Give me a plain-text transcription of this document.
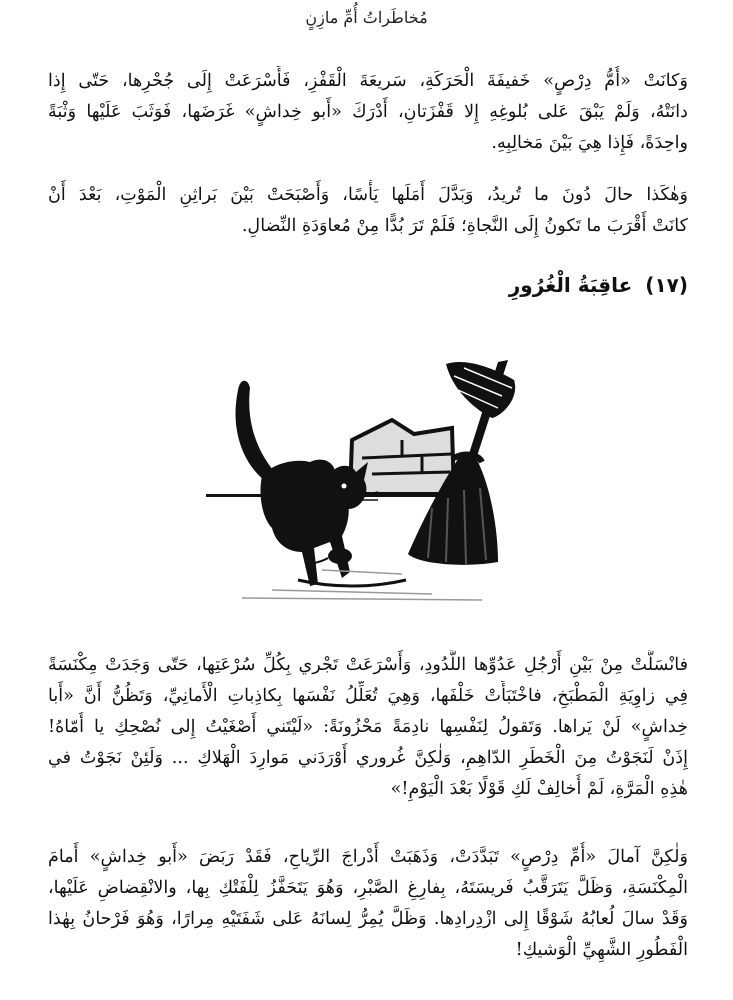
مُخاطَراتُ أُمِّ مازِنٍ
وَكانَتْ «أُمُّ دِرْصٍ» خَفيفَةَ الْحَرَكَةِ، سَريعَةَ الْقَفْزِ، فَأَسْرَعَتْ إِلَى جُحْرِها، حَتّى إِذا
دانَتْهُ، وَلَمْ يَبْقَ عَلى بُلوغِهِ إِلا قَفْزَتانِ، أَدْرَكَ «أَبو خِداشٍ» غَرَضَها، فَوَثَبَ عَلَيْها وَثْبَةً
واحِدَةً، فَإِذا هِيَ بَيْنَ مَخالِبِهِ.
وَهٰكَذا حالَ دُونَ ما تُريدُ، وَبَدَّلَ أَمَلَها يَأْسًا، وَأَصْبَحَتْ بَيْنَ بَراثِنِ الْمَوْتِ، بَعْدَ أَنْ
كانَتْ أَقْرَبَ ما تَكونُ إِلَى النَّجاةِ؛ فَلَمْ تَرَ بُدًّا مِنْ مُعاوَدَةِ النِّضالِ.
(١٧) عاقِبَةُ الْغُرُورِ
فانْسَلَّتْ مِنْ بَيْنِ أَرْجُلِ عَدُوِّها اللَّدُودِ، وَأَسْرَعَتْ تَجْري بِكُلِّ سُرْعَتِها، حَتّى وَجَدَتْ مِكْنَسَةً
فِي زاوِيَةِ الْمَطْبَخِ، فاخْتَبَأَتْ خَلْفَها، وَهِيَ تُعَلِّلُ نَفْسَها بِكاذِباتِ الْأَمانِيِّ، وَتَظُنُّ أَنَّ «أَبا
خِداشٍ» لَنْ يَراها. وَتَقولُ لِنَفْسِها نادِمَةً مَحْزُونَةً: «لَيْتَني أَصْغَيْتُ إِلى نُصْحِكِ يا أُمّاهُ!
إِذَنْ لَنَجَوْتُ مِنَ الْخَطَرِ الدّاهِمِ، وَلٰكِنَّ غُروري أَوْرَدَني مَوارِدَ الْهَلاكِ ... وَلَئِنْ نَجَوْتُ في
هٰذِهِ الْمَرَّةِ، لَمْ أُخالِفْ لَكِ قَوْلًا بَعْدَ الْيَوْمِ!»
وَلٰكِنَّ آمالَ «أُمِّ دِرْصٍ» تَبَدَّدَتْ، وَذَهَبَتْ أَدْراجَ الرِّياحِ، فَقَدْ رَبَضَ «أَبو خِداشٍ» أَمامَ
الْمِكْنَسَةِ، وَظَلَّ يَتَرَقَّبُ فَريسَتَهُ، بِفارِغِ الصَّبْرِ، وَهُوَ يَتَحَفَّزُ لِلْفَتْكِ بِها، والانْقِضاضِ عَلَيْها،
وَقَدْ سالَ لُعابُهُ شَوْقًا إِلى ازْدِرادِها. وَظَلَّ يُمِرُّ لِسانَهُ عَلى شَفَتَيْهِ مِرارًا، وَهُوَ فَرْحانُ بِهٰذا
الْفَطُورِ الشَّهِيِّ الْوَشيكِ!
